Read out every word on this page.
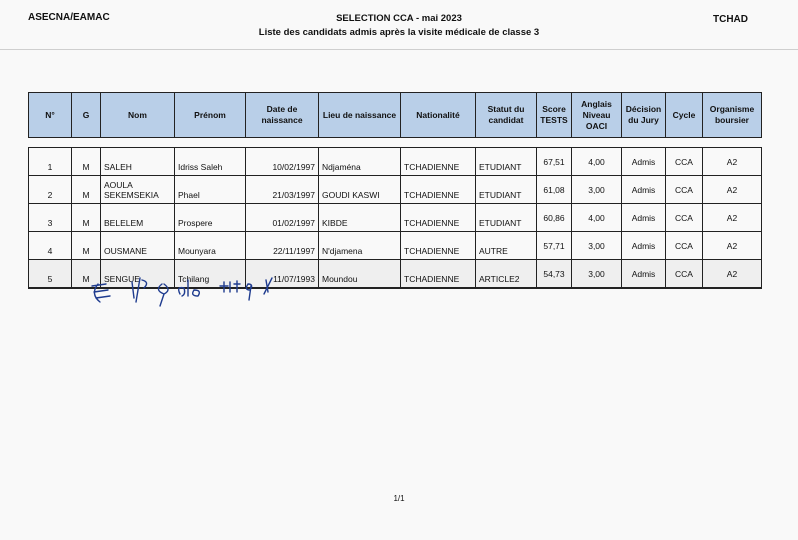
ASECNA/EAMAC	SELECTION CCA - mai 2023
Liste des candidats admis après la visite médicale de classe 3
TCHAD
N°	G	Nom	Prénom	Date de naissance	Lieu de naissance	Nationalité	Statut du candidat	Score TESTS	Anglais Niveau OACI	Décision du Jury	Cycle	Organisme boursier

1	M	SALEH	Idriss Saleh	10/02/1997	Ndjaména	TCHADIENNE	ETUDIANT	67,51	4,00	Admis	CCA	A2
2	M	AOULA SEKEMSEKIA	Phael	21/03/1997	GOUDI KASWI	TCHADIENNE	ETUDIANT	61,08	3,00	Admis	CCA	A2
3	M	BELELEM	Prospere	01/02/1997	KIBDE	TCHADIENNE	ETUDIANT	60,86	4,00	Admis	CCA	A2
4	M	OUSMANE	Mounyara	22/11/1997	N'djamena	TCHADIENNE	AUTRE	57,71	3,00	Admis	CCA	A2
5	M	SENGUE	Tchilang	11/07/1993	Moundou	TCHADIENNE	ARTICLE2	54,73	3,00	Admis	CCA	A2
1/1
